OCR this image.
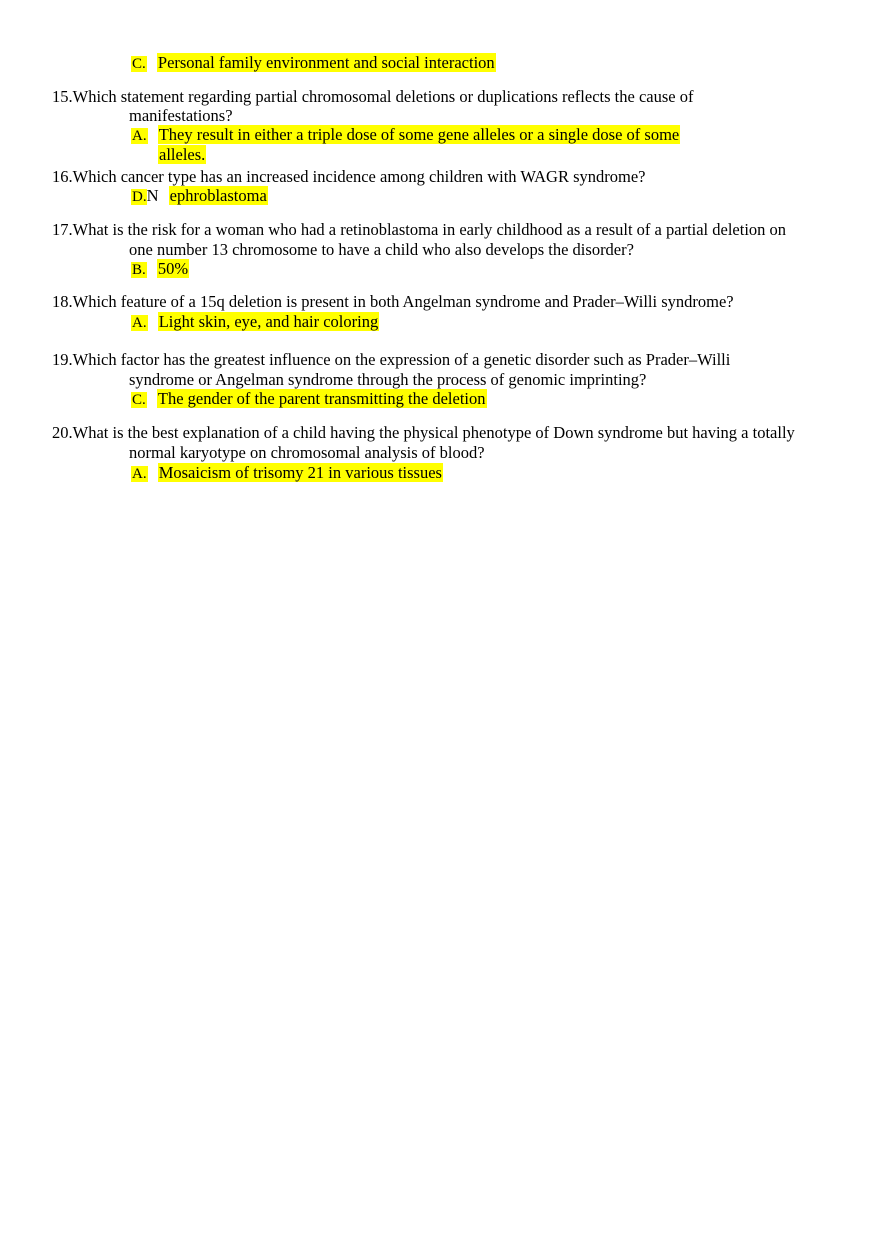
C. Personal family environment and social interaction
15.Which statement regarding partial chromosomal deletions or duplications reflects the cause of
manifestations?
A. They result in either a triple dose of some gene alleles or a single dose of some
alleles.
16.Which cancer type has an increased incidence among children with WAGR syndrome?
D.N ephroblastoma
17.What is the risk for a woman who had a retinoblastoma in early childhood as a result of a partial deletion on
one number 13 chromosome to have a child who also develops the disorder?
B. 50%
18.Which feature of a 15q deletion is present in both Angelman syndrome and Prader–Willi syndrome?
A. Light skin, eye, and hair coloring
19.Which factor has the greatest influence on the expression of a genetic disorder such as Prader–Willi
syndrome or Angelman syndrome through the process of genomic imprinting?
C. The gender of the parent transmitting the deletion
20.What is the best explanation of a child having the physical phenotype of Down syndrome but having a totally
normal karyotype on chromosomal analysis of blood?
A. Mosaicism of trisomy 21 in various tissues
